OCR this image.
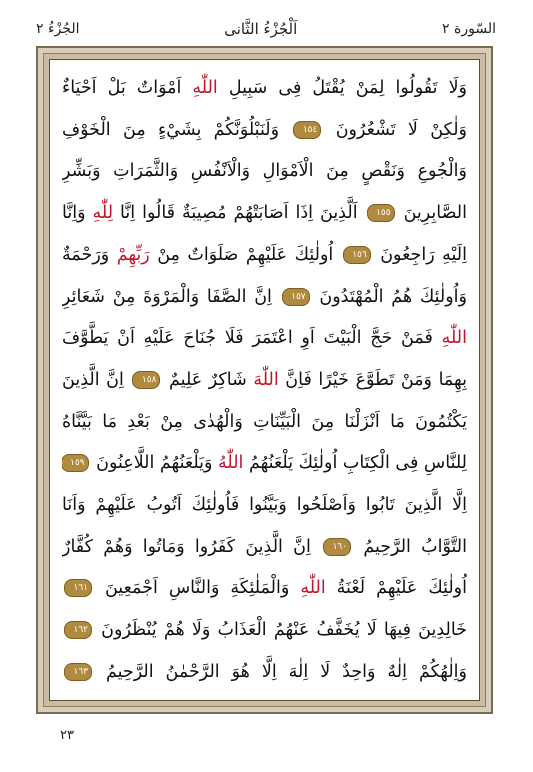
السّورة ٢
اَلْجُزْءُ الثَّانى
الجُزْءُ ٢
وَلَا تَقُولُوا لِمَنْ يُقْتَلُ فِى سَبِيلِ اللّٰهِ اَمْوَاتٌ بَلْ اَحْيَاءٌ
وَلٰكِنْ لَا تَشْعُرُونَ ١٥٤ وَلَنَبْلُوَنَّكُمْ بِشَيْءٍ مِنَ الْخَوْفِ
وَالْجُوعِ وَنَقْصٍ مِنَ الْاَمْوَالِ وَالْاَنْفُسِ وَالثَّمَرَاتِ وَبَشِّرِ
الصَّابِرِينَ ١٥٥ اَلَّذِينَ اِذَا اَصَابَتْهُمْ مُصِيبَةٌ قَالُوا اِنَّا لِلّٰهِ وَاِنَّا
اِلَيْهِ رَاجِعُونَ ١٥٦ اُولٰئِكَ عَلَيْهِمْ صَلَوَاتٌ مِنْ رَبِّهِمْ وَرَحْمَةٌ
وَاُولٰئِكَ هُمُ الْمُهْتَدُونَ ١٥٧ اِنَّ الصَّفَا وَالْمَرْوَةَ مِنْ شَعَائِرِ
اللّٰهِ فَمَنْ حَجَّ الْبَيْتَ اَوِ اعْتَمَرَ فَلَا جُنَاحَ عَلَيْهِ اَنْ يَطَّوَّفَ
بِهِمَا وَمَنْ تَطَوَّعَ خَيْرًا فَاِنَّ اللّٰهَ شَاكِرٌ عَلِيمٌ ١٥٨ اِنَّ الَّذِينَ
يَكْتُمُونَ مَا اَنْزَلْنَا مِنَ الْبَيِّنَاتِ وَالْهُدٰى مِنْ بَعْدِ مَا بَيَّنَّاهُ
لِلنَّاسِ فِى الْكِتَابِ اُولٰئِكَ يَلْعَنُهُمُ اللّٰهُ وَيَلْعَنُهُمُ اللَّاعِنُونَ ١٥٩
اِلَّا الَّذِينَ تَابُوا وَاَصْلَحُوا وَبَيَّنُوا فَاُولٰئِكَ اَتُوبُ عَلَيْهِمْ وَاَنَا
التَّوَّابُ الرَّحِيمُ ١٦٠ اِنَّ الَّذِينَ كَفَرُوا وَمَاتُوا وَهُمْ كُفَّارٌ
اُولٰئِكَ عَلَيْهِمْ لَعْنَةُ اللّٰهِ وَالْمَلٰئِكَةِ وَالنَّاسِ اَجْمَعِينَ ١٦١
خَالِدِينَ فِيهَا لَا يُخَفَّفُ عَنْهُمُ الْعَذَابُ وَلَا هُمْ يُنْظَرُونَ ١٦٢
وَاِلٰهُكُمْ اِلٰهٌ وَاحِدٌ لَا اِلٰهَ اِلَّا هُوَ الرَّحْمٰنُ الرَّحِيمُ ١٦٣
٢٣
